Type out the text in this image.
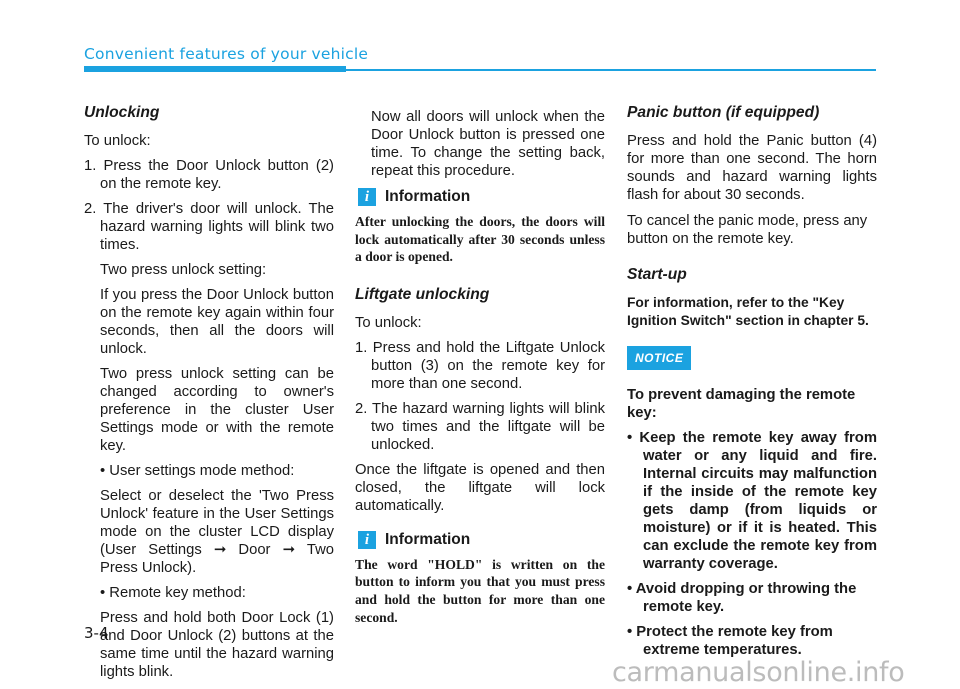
Convenient features of your vehicle

Unlocking

To unlock:

1. Press the Door Unlock button (2) on the remote key.

2. The driver's door will unlock. The hazard warning lights will blink two times.

Two press unlock setting:

If you press the Door Unlock button on the remote key again within four seconds, then all the doors will unlock.

Two press unlock setting can be changed according to owner's preference in the cluster User Settings mode or with the remote key.

• User settings mode method:

Select or deselect the 'Two Press Unlock' feature in the User Settings mode on the cluster LCD display (User Settings ➞ Door ➞ Two Press Unlock).

• Remote key method:

Press and hold both Door Lock (1) and Door Unlock (2) buttons at the same time until the hazard warning lights blink.

Now all doors will unlock when the Door Unlock button is pressed one time. To change the setting back, repeat this procedure.

i	Information

After unlocking the doors, the doors will lock automatically after 30 seconds unless a door is opened.

Liftgate unlocking

To unlock:

1. Press and hold the Liftgate Unlock button (3) on the remote key for more than one second.

2. The hazard warning lights will blink two times and the liftgate will be unlocked.

Once the liftgate is opened and then closed, the liftgate will lock automatically.

i	Information

The word "HOLD" is written on the button to inform you that you must press and hold the button for more than one second.

Panic button (if equipped)

Press and hold the Panic button (4) for more than one second. The horn sounds and hazard warning lights flash for about 30 seconds.

To cancel the panic mode, press any button on the remote key.

Start-up

For information, refer to the "Key Ignition Switch" section in chapter 5.

NOTICE

To prevent damaging the remote key:

• Keep the remote key away from water or any liquid and fire. Internal circuits may malfunction if the inside of the remote key gets damp (from liquids or moisture) or if it is heated. This can exclude the remote key from warranty coverage.

• Avoid dropping or throwing the remote key.

• Protect the remote key from extreme temperatures.

3-4
carmanualsonline.info
